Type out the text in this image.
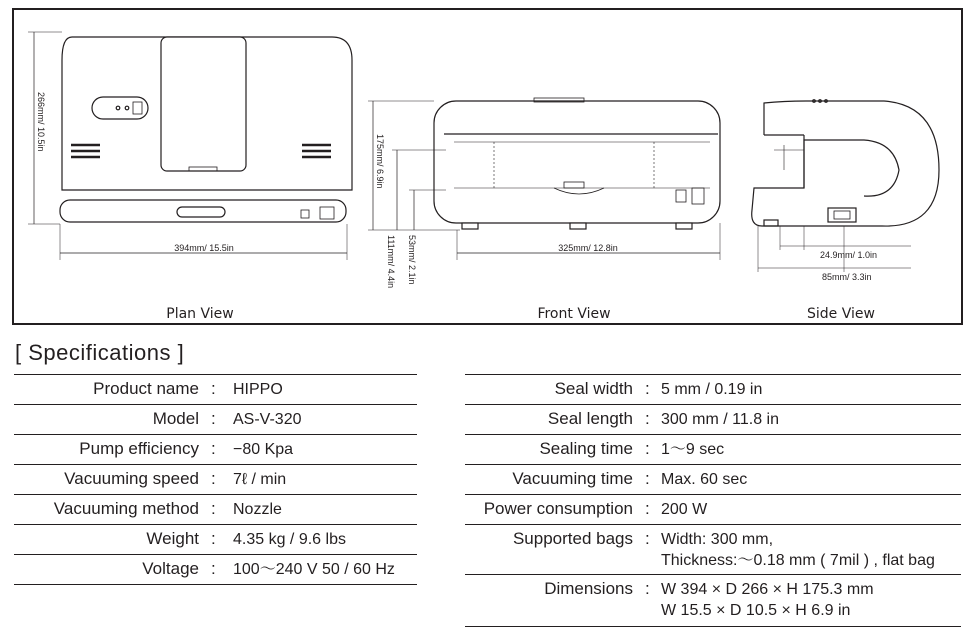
266mm/ 10.5in
394mm/ 15.5in
175mm/ 6.9in
111mm/ 4.4in 53mm/ 2.1in	325mm/ 12.8in
24.9mm/ 1.0in
85mm/ 3.3in
Plan View	Front View	Side View
[ Specifications ]
Product name : HIPPO
Model : AS-V-320
Pump efficiency : −80 Kpa
Vacuuming speed : 7ℓ / min
Vacuuming method : Nozzle
Weight : 4.35 kg / 9.6 lbs
Voltage : 100〜240 V 50 / 60 Hz
Seal width : 5 mm / 0.19 in
Seal length : 300 mm / 11.8 in
Sealing time : 1〜9 sec
Vacuuming time : Max. 60 sec
Power consumption : 200 W
Supported bags : Width: 300 mm,
Thickness:〜0.18 mm ( 7mil ) , flat bag
Dimensions : W 394 × D 266 × H 175.3 mm
W 15.5 × D 10.5 × H 6.9 in
